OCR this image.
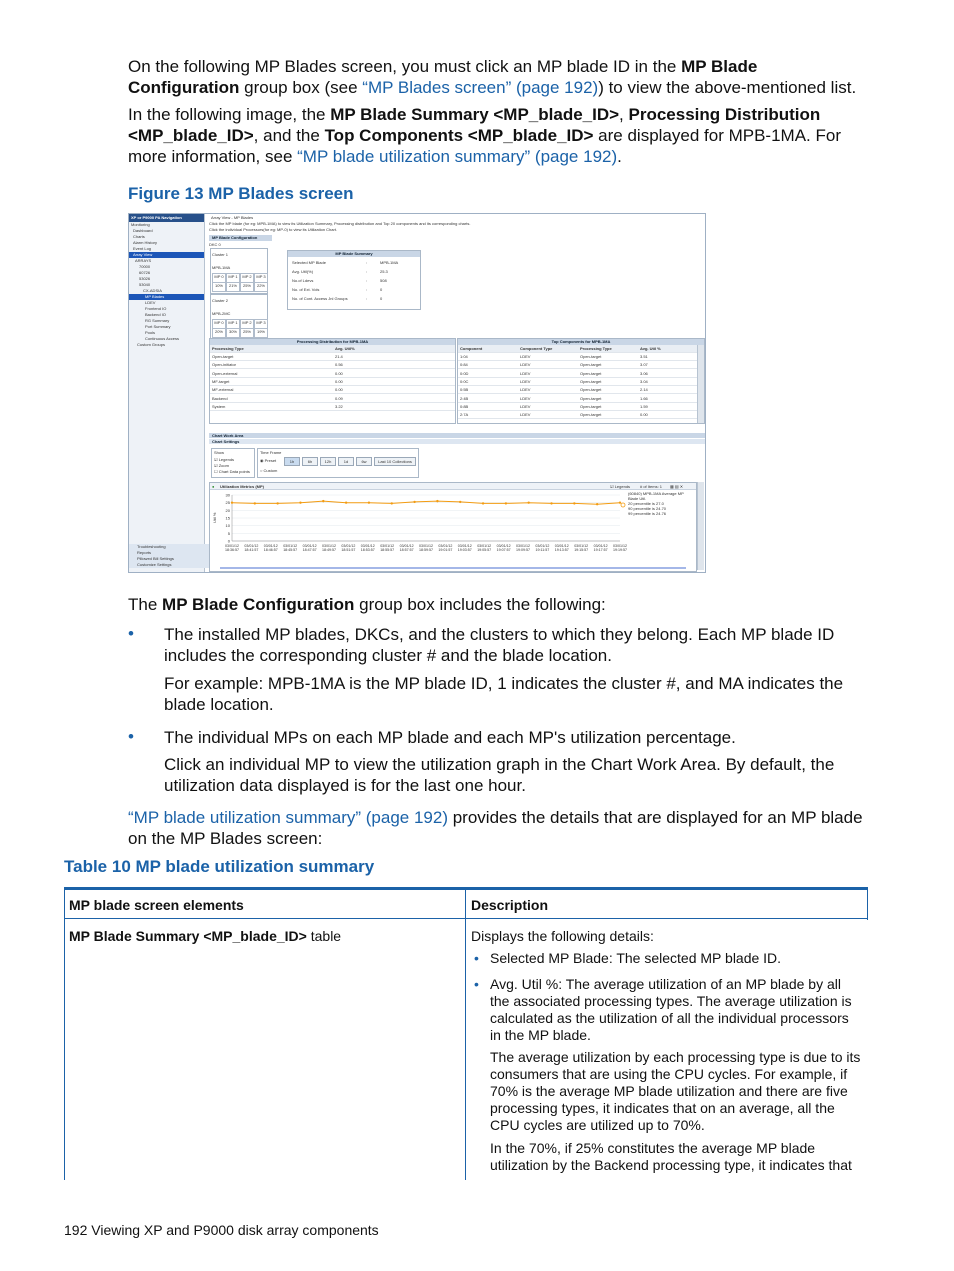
On the following MP Blades screen, you must click an MP blade ID in the MP Blade Configuration group box (see “MP Blades screen” (page 192)) to view the above-mentioned list.
In the following image, the MP Blade Summary <MP_blade_ID>, Processing Distribution <MP_blade_ID>, and the Top Components <MP_blade_ID> are displayed for MPB-1MA. For more information, see “MP blade utilization summary” (page 192).
Figure 13 MP Blades screen
XP or P9000 PA Navigation
Monitoring
Dashboard
Charts
Alarm History
Event Log
Array View
ARRAYS
70000
60726
53026
53040
CX-ADSIA
MP Blades
LDEV
Frontend IO
Backend IO
RG Summary
Port Summary
Pools
Continuous Access
Custom Groups
Troubleshooting
Reports
Pillowed Bill Settings
Customize Settings
Array View - MP Blades
Click the MP blade (for eg: MPB-1MA) to view its Utilization Summary, Processing distribution and Top 20 components and its corresponding charts.
Click the individual Processors(for eg: MP-0) to view its Utilization Chart.
MP Blade Configuration
DKC 0
Cluster 1
MPB-1MA
MP 0
10%
MP 1
21%
MP 2
25%
MP 3
22%
Cluster 2
MPB-2MC
MP 0
20%
MP 1
30%
MP 2
25%
MP 3
19%
MP Blade Summary
Selected MP Blade	:	MPB-1MA
Avg. Util(%)	:	25.3
No.of Ldevs	:	508
No. of Ext. Vols	:	0
No. of Cont. Access Jnl Groups	:	0
Processing Distribution for MPB-1MA
Processing Type	Avg. Util%
Open-target	21.4
Open-initiator	0.56
Open-external	0.00
MF-target	0.00
MF-external	0.00
Backend	0.09
System	3.22
Top Components for MPB-1MA
Component	Component Type	Processing Type	Avg. Util %
1:04	LDEV	Open-target	3.51
0:84	LDEV	Open-target	3.07
0:0D	LDEV	Open-target	3.06
0:0C	LDEV	Open-target	3.04
0:5B	LDEV	Open-target	2.14
2:4B	LDEV	Open-target	1.66
0:8B	LDEV	Open-target	1.59
2:7A	LDEV	Open-target	0.00
Chart Work Area
Chart Settings
Show
☑ Legends
☑ Zoom
☐ Chart Data points
Time Frame
◉ Preset
○ Custom
1h	6h	12h	1d	6w	Last 10 Collections
● Utilization Metrics (MP)	☑ Legends # of Items: 1 ▦ ▤ ✕
Util %
30
25
20
15
10
5
0
03/01/12
18:36:57
03/01/12
18:41:57
03/01/12
18:46:57
03/01/12
18:45:57
03/01/12
18:47:57
03/01/12
18:49:57
03/01/12
18:51:57
03/01/12
18:53:57
03/01/12
18:55:57
03/01/12
18:57:57
03/01/12
18:59:57
03/01/12
19:01:57
03/01/12
19:03:57
03/01/12
19:05:57
03/01/12
19:07:57
03/01/12
19:09:57
03/01/12
19:11:57
03/01/12
19:13:57
03/01/12
19:15:57
03/01/12
19:17:57
03/01/12
19:19:57
(60840) MPB-1MA Average MP Blade Util.
20 percentile is 27.0
90 percentile is 24.70
99 percentile is 24.76
The MP Blade Configuration group box includes the following:
• The installed MP blades, DKCs, and the clusters to which they belong. Each MP blade ID includes the corresponding cluster # and the blade location.
For example: MPB-1MA is the MP blade ID, 1 indicates the cluster #, and MA indicates the blade location.
• The individual MPs on each MP blade and each MP's utilization percentage.
Click an individual MP to view the utilization graph in the Chart Work Area. By default, the utilization data displayed is for the last one hour.
“MP blade utilization summary” (page 192) provides the details that are displayed for an MP blade on the MP Blades screen:
Table 10 MP blade utilization summary
MP blade screen elements	Description
MP Blade Summary <MP_blade_ID> table	Displays the following details:
• Selected MP Blade: The selected MP blade ID.
• Avg. Util %: The average utilization of an MP blade by all the associated processing types. The average utilization is calculated as the utilization of all the individual processors in the MP blade.
The average utilization by each processing type is due to its consumers that are using the CPU cycles. For example, if 70% is the average MP blade utilization and there are five processing types, it indicates that on an average, all the CPU cycles are utilized up to 70%.
In the 70%, if 25% constitutes the average MP blade utilization by the Backend processing type, it indicates that
192 Viewing XP and P9000 disk array components
